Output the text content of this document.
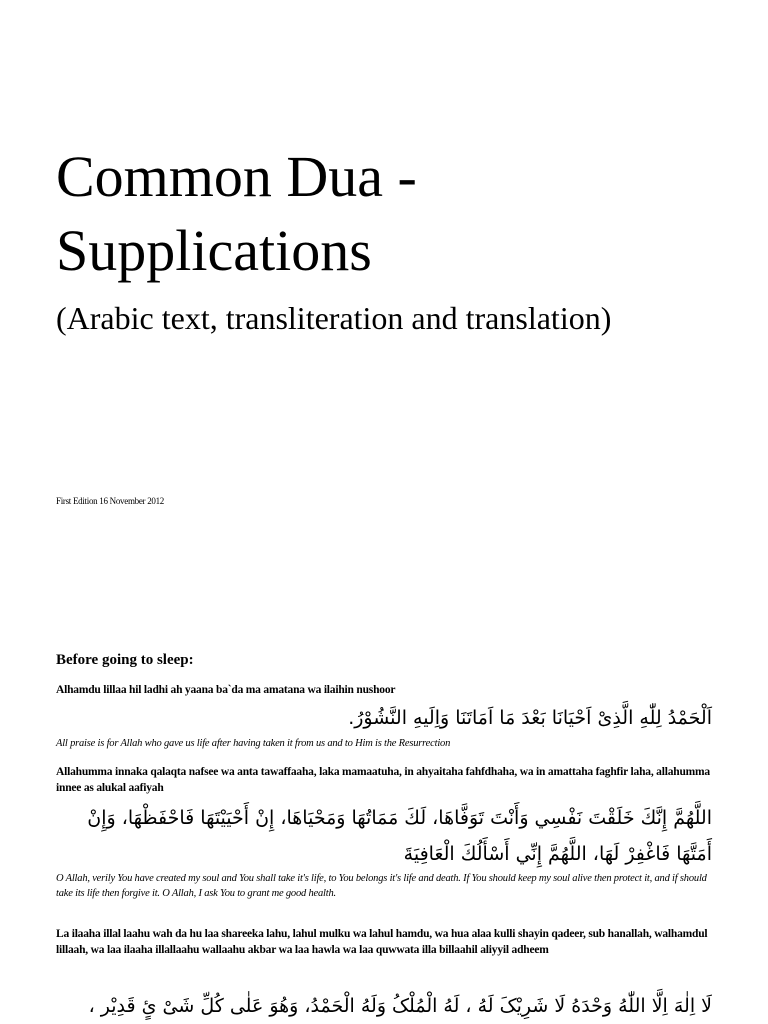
Common Dua - Supplications
(Arabic text, transliteration and translation)
First Edition 16 November 2012
Before going to sleep:
Alhamdu lillaa hil ladhi ah yaana ba`da ma amatana wa ilaihin nushoor
اَلْحَمْدُ لِلّٰهِ الَّذِىْ اَحْيَانَا بَعْدَ مَا اَمَاتَنَا وَاِلَيهِ النَّشُوْرُ.
All praise is for Allah who gave us life after having taken it from us and to Him is the Resurrection
Allahumma innaka qalaqta nafsee wa anta tawaffaaha, laka mamaatuha, in ahyaitaha fahfdhaha, wa in amattaha faghfir laha, allahumma innee as alukal aafiyah
اللَّهُمَّ إِنَّكَ خَلَقْتَ نَفْسِي وَأَنْتَ تَوَفَّاهَا، لَكَ مَمَاتُهَا وَمَحْيَاهَا، إِنْ أَحْيَيْتَهَا فَاحْفَظْهَا، وَإِنْ أَمَتَّهَا فَاغْفِرْ لَهَا، اللَّهُمَّ إِنِّي أَسْأَلُكَ الْعَافِيَةَ
O Allah, verily You have created my soul and You shall take it's life, to You belongs it's life and death. If You should keep my soul alive then protect it, and if should take its life then forgive it. O Allah, I ask You to grant me good health.
La ilaaha illal laahu wah da hu laa shareeka lahu, lahul mulku wa lahul hamdu, wa hua alaa kulli shayin qadeer, sub hanallah, walhamdul lillaah, wa laa ilaaha illallaahu wallaahu akbar wa laa hawla wa laa quwwata illa billaahil aliyyil adheem
لَا اِلٰهَ اِلَّا اللّٰهُ وَحْدَهُ لَا شَرِيْکَ لَهُ ، لَهُ الْمُلْکُ وَلَهُ الْحَمْدُ، وَهُوَ عَلٰی کُلِّ شَیْ ئٍ قَدِيْر ،
